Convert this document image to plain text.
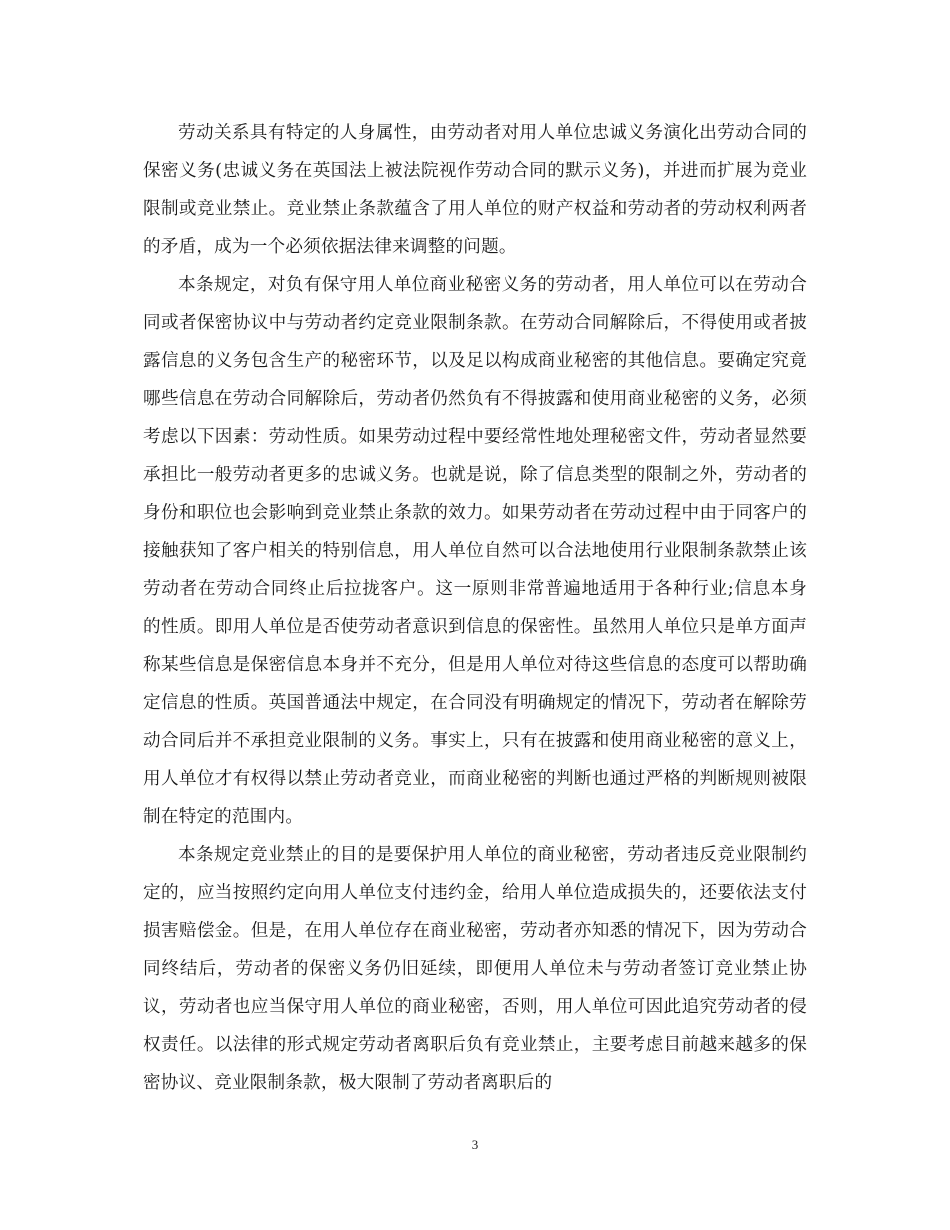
劳动关系具有特定的人身属性，由劳动者对用人单位忠诚义务演化出劳动合同的保密义务(忠诚义务在英国法上被法院视作劳动合同的默示义务)，并进而扩展为竞业限制或竞业禁止。竞业禁止条款蕴含了用人单位的财产权益和劳动者的劳动权利两者的矛盾，成为一个必须依据法律来调整的问题。

本条规定，对负有保守用人单位商业秘密义务的劳动者，用人单位可以在劳动合同或者保密协议中与劳动者约定竞业限制条款。在劳动合同解除后，不得使用或者披露信息的义务包含生产的秘密环节，以及足以构成商业秘密的其他信息。要确定究竟哪些信息在劳动合同解除后，劳动者仍然负有不得披露和使用商业秘密的义务，必须考虑以下因素：劳动性质。如果劳动过程中要经常性地处理秘密文件，劳动者显然要承担比一般劳动者更多的忠诚义务。也就是说，除了信息类型的限制之外，劳动者的身份和职位也会影响到竞业禁止条款的效力。如果劳动者在劳动过程中由于同客户的接触获知了客户相关的特别信息，用人单位自然可以合法地使用行业限制条款禁止该劳动者在劳动合同终止后拉拢客户。这一原则非常普遍地适用于各种行业;信息本身的性质。即用人单位是否使劳动者意识到信息的保密性。虽然用人单位只是单方面声称某些信息是保密信息本身并不充分，但是用人单位对待这些信息的态度可以帮助确定信息的性质。英国普通法中规定，在合同没有明确规定的情况下，劳动者在解除劳动合同后并不承担竞业限制的义务。事实上，只有在披露和使用商业秘密的意义上，用人单位才有权得以禁止劳动者竞业，而商业秘密的判断也通过严格的判断规则被限制在特定的范围内。

本条规定竞业禁止的目的是要保护用人单位的商业秘密，劳动者违反竞业限制约定的，应当按照约定向用人单位支付违约金，给用人单位造成损失的，还要依法支付损害赔偿金。但是，在用人单位存在商业秘密，劳动者亦知悉的情况下，因为劳动合同终结后，劳动者的保密义务仍旧延续，即便用人单位未与劳动者签订竞业禁止协议，劳动者也应当保守用人单位的商业秘密，否则，用人单位可因此追究劳动者的侵权责任。以法律的形式规定劳动者离职后负有竞业禁止，主要考虑目前越来越多的保密协议、竞业限制条款，极大限制了劳动者离职后的

3
